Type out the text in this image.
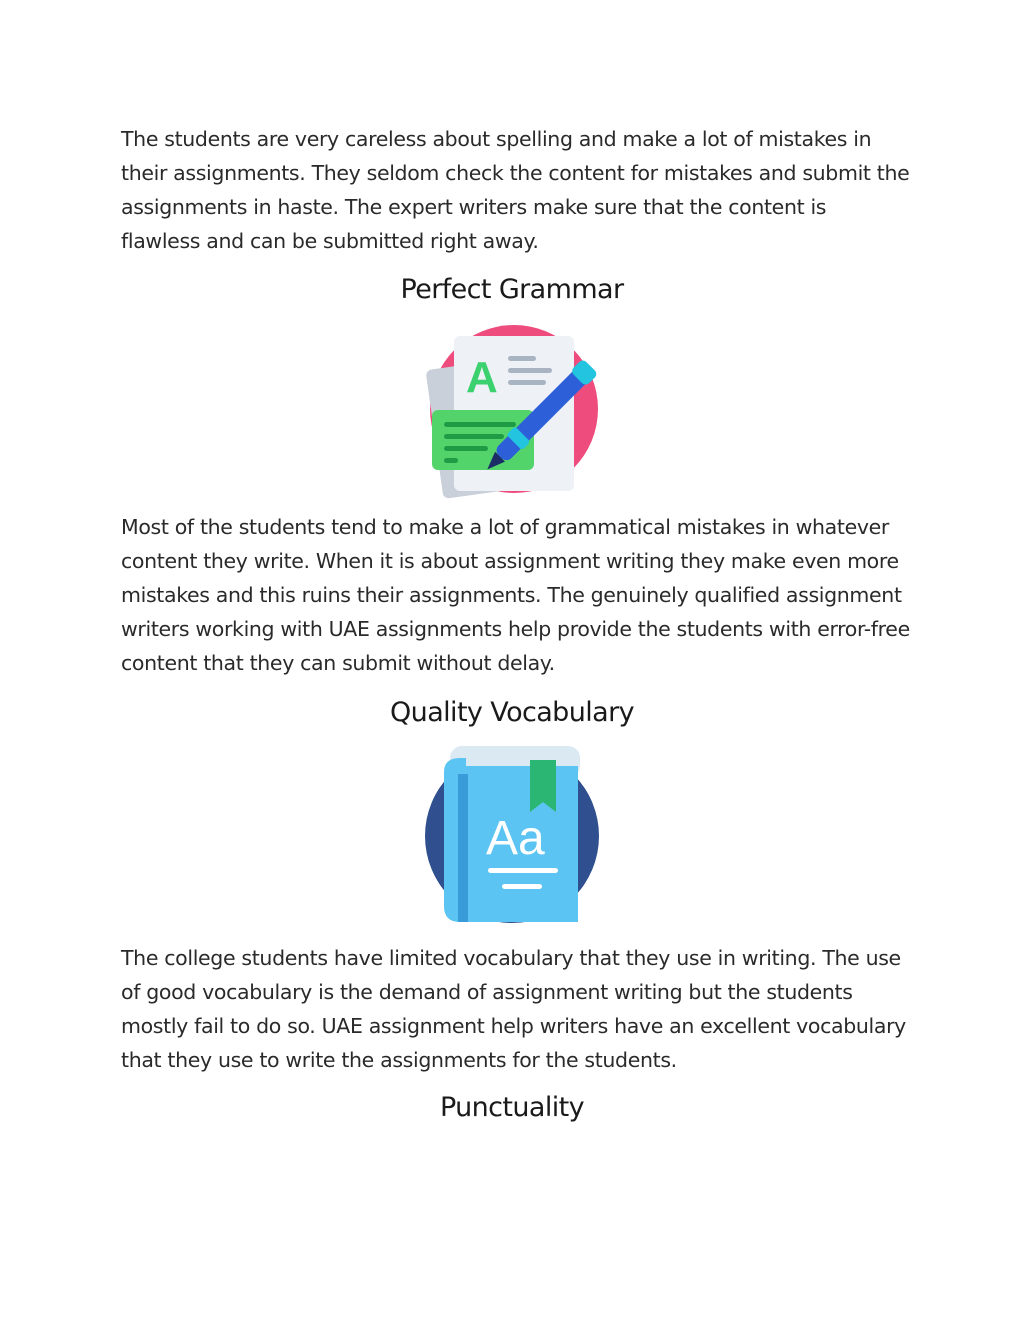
The students are very careless about spelling and make a lot of mistakes in their assignments. They seldom check the content for mistakes and submit the assignments in haste. The expert writers make sure that the content is flawless and can be submitted right away.

Perfect Grammar
A

Most of the students tend to make a lot of grammatical mistakes in whatever content they write. When it is about assignment writing they make even more mistakes and this ruins their assignments. The genuinely qualified assignment writers working with UAE assignments help provide the students with error-free content that they can submit without delay.

Quality Vocabulary
Aa

The college students have limited vocabulary that they use in writing. The use of good vocabulary is the demand of assignment writing but the students mostly fail to do so. UAE assignment help writers have an excellent vocabulary that they use to write the assignments for the students.

Punctuality
